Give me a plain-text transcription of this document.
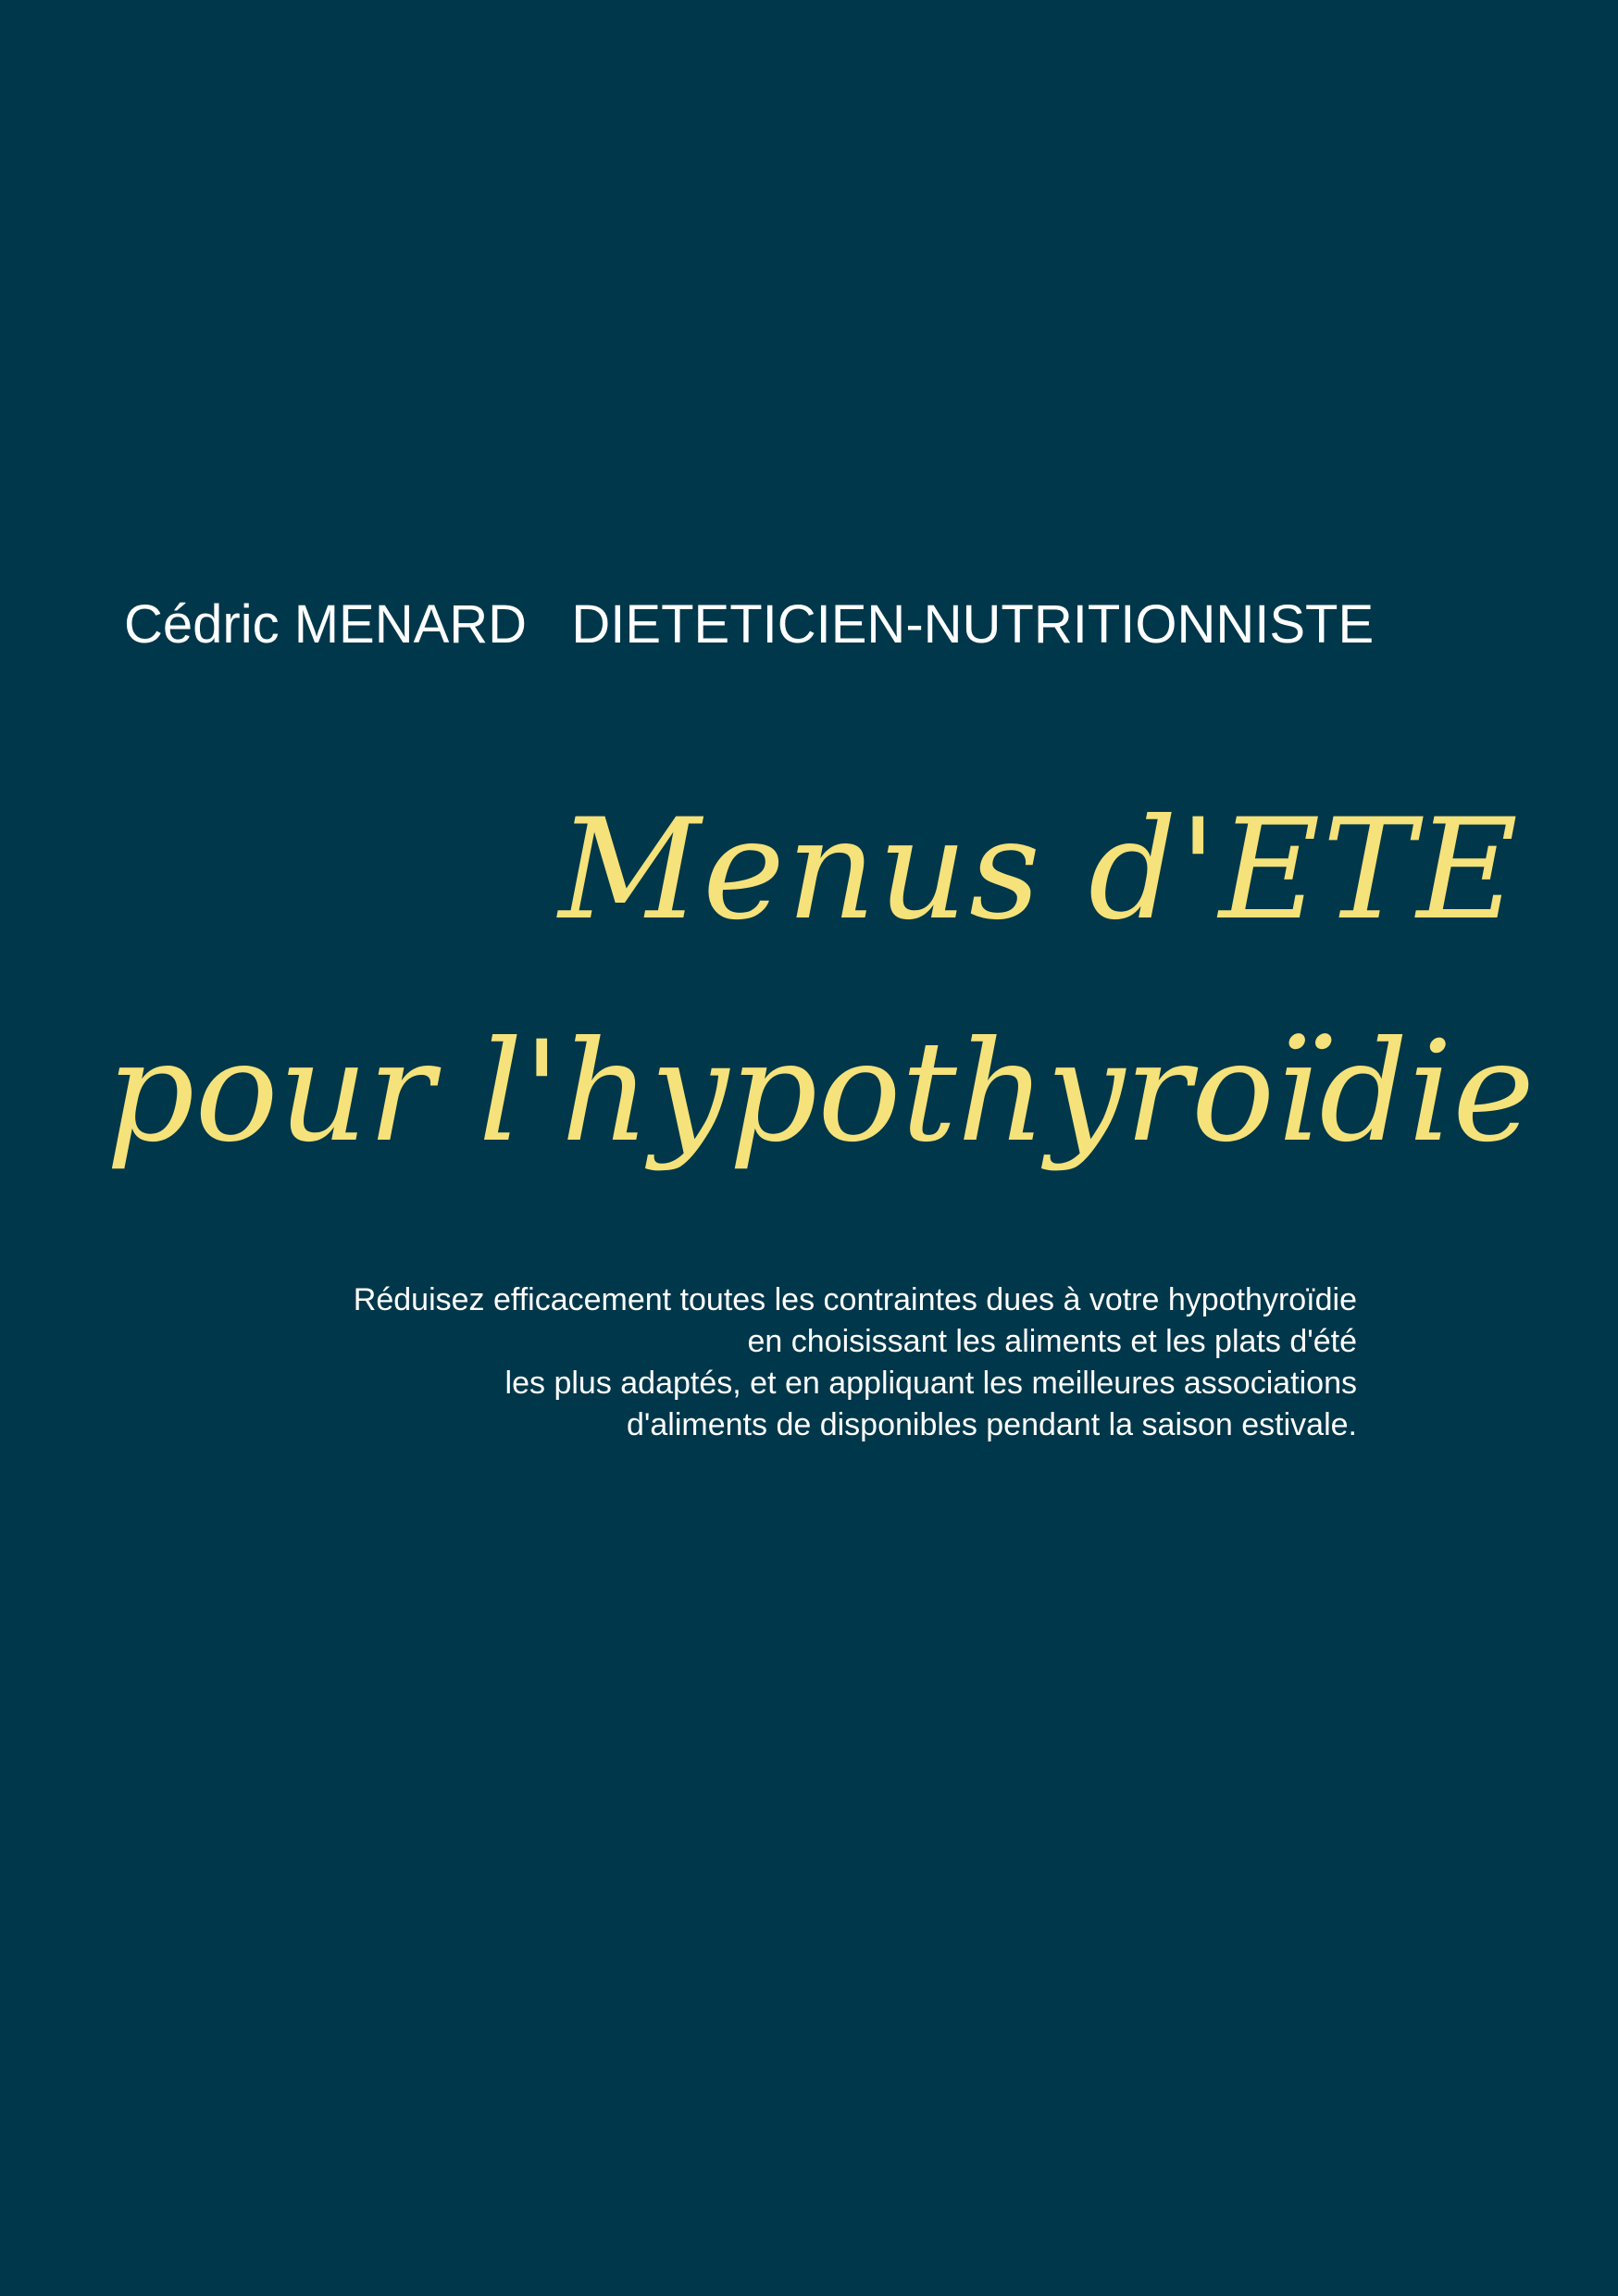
Cédric MENARD   DIETETICIEN-NUTRITIONNISTE
Menus d'ETE
pour l'hypothyroïdie
Réduisez efficacement toutes les contraintes dues à votre hypothyroïdie
en choisissant les aliments et les plats d'été
les plus adaptés, et en appliquant les meilleures associations
d'aliments de disponibles pendant la saison estivale.
